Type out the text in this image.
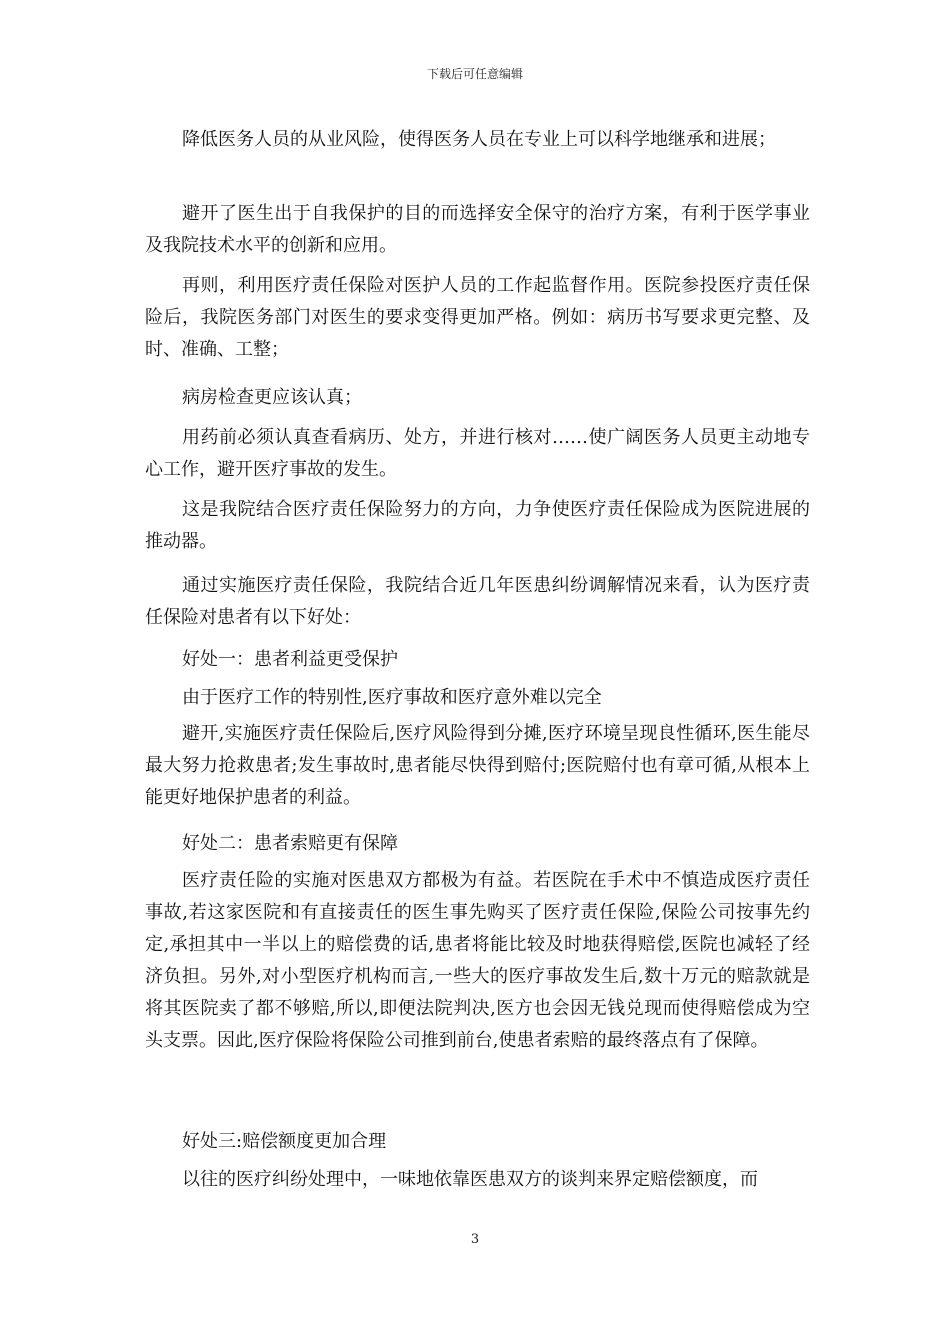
下载后可任意编辑

降低医务人员的从业风险，使得医务人员在专业上可以科学地继承和进展；

避开了医生出于自我保护的目的而选择安全保守的治疗方案，有利于医学事业及我院技术水平的创新和应用。

再则，利用医疗责任保险对医护人员的工作起监督作用。医院参投医疗责任保险后，我院医务部门对医生的要求变得更加严格。例如：病历书写要求更完整、及时、准确、工整；

病房检查更应该认真；

用药前必须认真查看病历、处方，并进行核对……使广阔医务人员更主动地专心工作，避开医疗事故的发生。

这是我院结合医疗责任保险努力的方向，力争使医疗责任保险成为医院进展的推动器。

通过实施医疗责任保险，我院结合近几年医患纠纷调解情况来看，认为医疗责任保险对患者有以下好处：

好处一：患者利益更受保护

由于医疗工作的特别性,医疗事故和医疗意外难以完全

避开,实施医疗责任保险后,医疗风险得到分摊,医疗环境呈现良性循环,医生能尽最大努力抢救患者;发生事故时,患者能尽快得到赔付;医院赔付也有章可循,从根本上能更好地保护患者的利益。

好处二：患者索赔更有保障

医疗责任险的实施对医患双方都极为有益。若医院在手术中不慎造成医疗责任事故,若这家医院和有直接责任的医生事先购买了医疗责任保险,保险公司按事先约定,承担其中一半以上的赔偿费的话,患者将能比较及时地获得赔偿,医院也减轻了经济负担。另外,对小型医疗机构而言,一些大的医疗事故发生后,数十万元的赔款就是将其医院卖了都不够赔,所以,即便法院判决,医方也会因无钱兑现而使得赔偿成为空头支票。因此,医疗保险将保险公司推到前台,使患者索赔的最终落点有了保障。

好处三:赔偿额度更加合理

以往的医疗纠纷处理中，一味地依靠医患双方的谈判来界定赔偿额度，而

3
